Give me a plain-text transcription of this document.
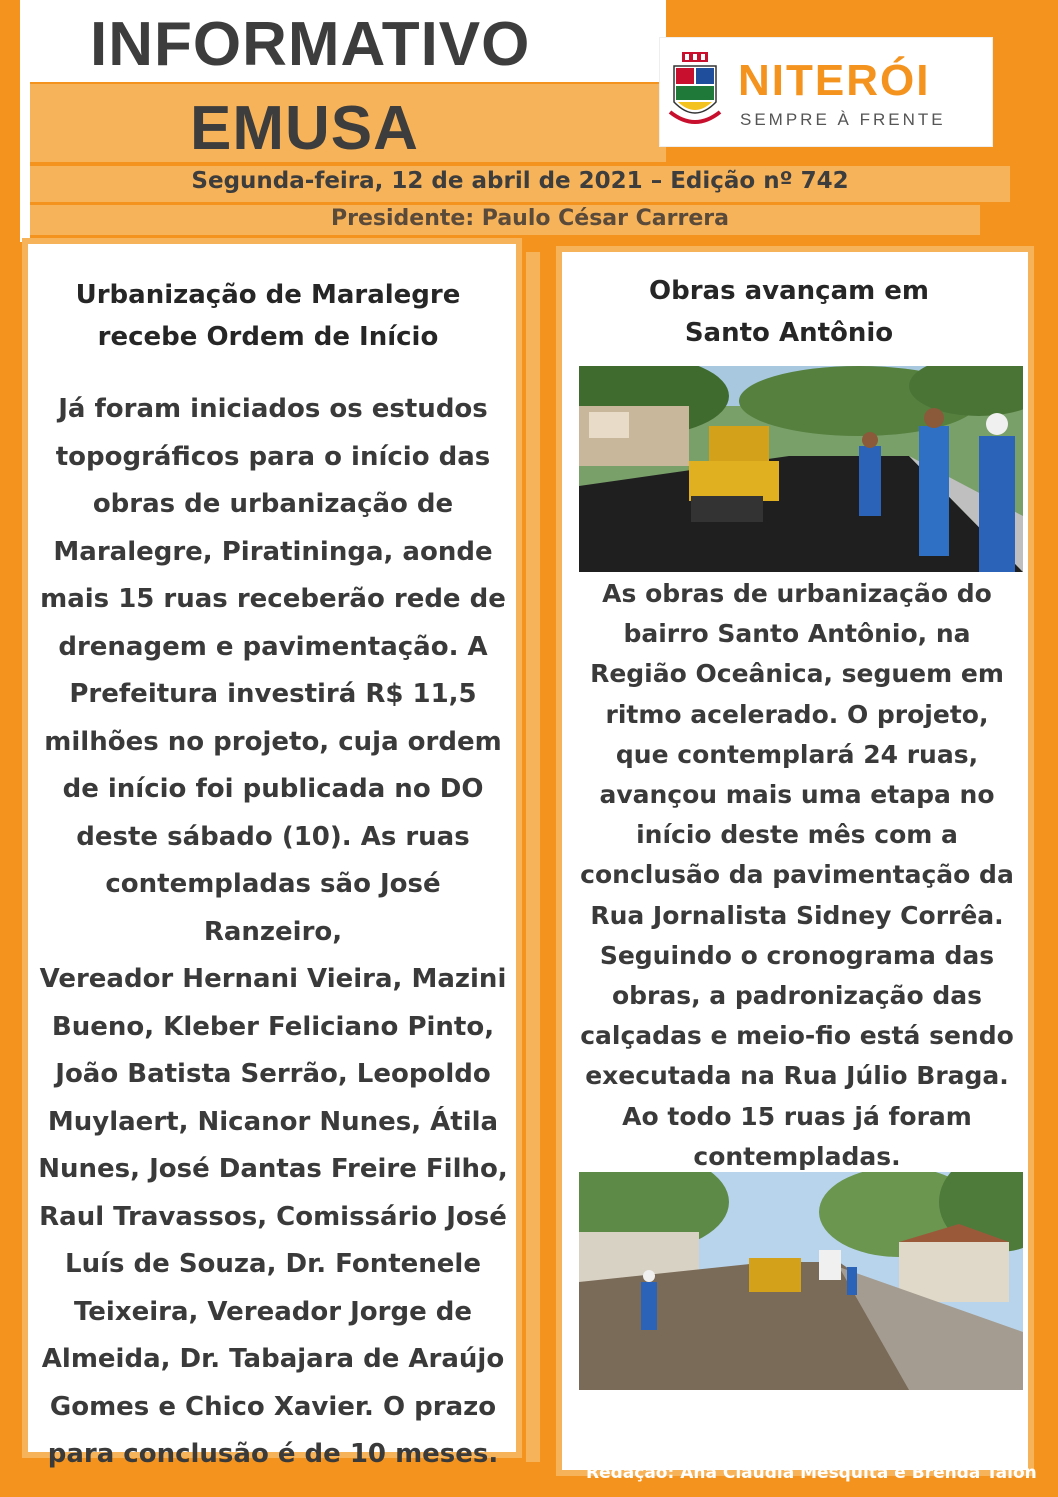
INFORMATIVO
EMUSA
Segunda-feira, 12 de abril de 2021 – Edição nº 742
Presidente: Paulo César Carrera
NITERÓI
SEMPRE À FRENTE
Urbanização de Maralegre
recebe Ordem de Início
Já foram iniciados os estudos
topográficos para o início das
obras de urbanização de
Maralegre, Piratininga, aonde
mais 15 ruas receberão rede de
drenagem e pavimentação. A
Prefeitura investirá R$ 11,5
milhões no projeto, cuja ordem
de início foi publicada no DO
deste sábado (10). As ruas
contempladas são José Ranzeiro,
Vereador Hernani Vieira, Mazini
Bueno, Kleber Feliciano Pinto,
João Batista Serrão, Leopoldo
Muylaert, Nicanor Nunes, Átila
Nunes, José Dantas Freire Filho,
Raul Travassos, Comissário José
Luís de Souza, Dr. Fontenele
Teixeira, Vereador Jorge de
Almeida, Dr. Tabajara de Araújo
Gomes e Chico Xavier. O prazo
para conclusão é de 10 meses.
Obras avançam em
Santo Antônio
As obras de urbanização do
bairro Santo Antônio, na
Região Oceânica, seguem em
ritmo acelerado. O projeto,
que contemplará 24 ruas,
avançou mais uma etapa no
início deste mês com a
conclusão da pavimentação da
Rua Jornalista Sidney Corrêa.
Seguindo o cronograma das
obras, a padronização das
calçadas e meio-fio está sendo
executada na Rua Júlio Braga.
Ao todo 15 ruas já foram
contempladas.
Edição: Viviane Biteti
Redação: Ana Claudia Mesquita e Brenda Talon
